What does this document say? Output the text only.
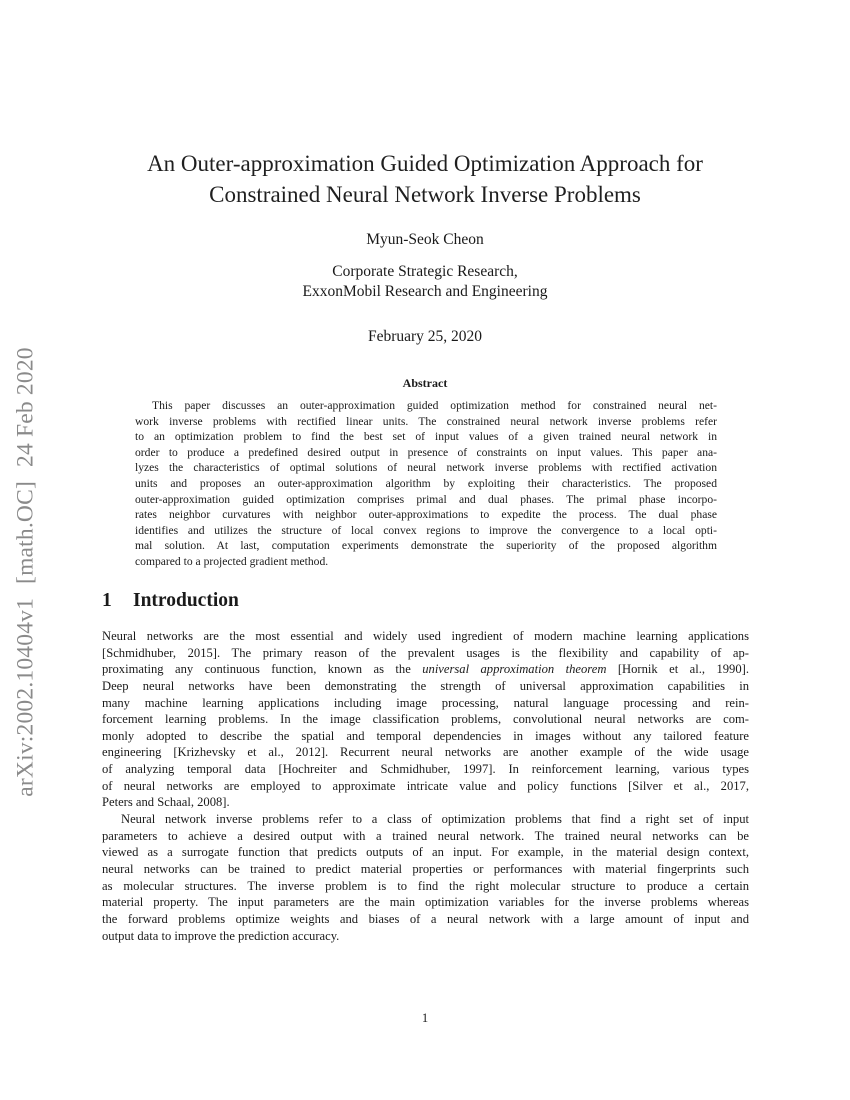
arXiv:2002.10404v1[math.OC]24 Feb 2020
An Outer-approximation Guided Optimization Approach for
Constrained Neural Network Inverse Problems
Myun-Seok Cheon
Corporate Strategic Research,
ExxonMobil Research and Engineering
February 25, 2020
Abstract
This paper discusses an outer-approximation guided optimization method for constrained neural net-
work inverse problems with rectified linear units. The constrained neural network inverse problems refer
to an optimization problem to find the best set of input values of a given trained neural network in
order to produce a predefined desired output in presence of constraints on input values. This paper ana-
lyzes the characteristics of optimal solutions of neural network inverse problems with rectified activation
units and proposes an outer-approximation algorithm by exploiting their characteristics. The proposed
outer-approximation guided optimization comprises primal and dual phases. The primal phase incorpo-
rates neighbor curvatures with neighbor outer-approximations to expedite the process. The dual phase
identifies and utilizes the structure of local convex regions to improve the convergence to a local opti-
mal solution. At last, computation experiments demonstrate the superiority of the proposed algorithm
compared to a projected gradient method.
1 Introduction
Neural networks are the most essential and widely used ingredient of modern machine learning applications
[Schmidhuber, 2015]. The primary reason of the prevalent usages is the flexibility and capability of ap-
proximating any continuous function, known as the universal approximation theorem [Hornik et al., 1990].
Deep neural networks have been demonstrating the strength of universal approximation capabilities in
many machine learning applications including image processing, natural language processing and rein-
forcement learning problems. In the image classification problems, convolutional neural networks are com-
monly adopted to describe the spatial and temporal dependencies in images without any tailored feature
engineering [Krizhevsky et al., 2012]. Recurrent neural networks are another example of the wide usage
of analyzing temporal data [Hochreiter and Schmidhuber, 1997]. In reinforcement learning, various types
of neural networks are employed to approximate intricate value and policy functions [Silver et al., 2017,
Peters and Schaal, 2008].
Neural network inverse problems refer to a class of optimization problems that find a right set of input
parameters to achieve a desired output with a trained neural network. The trained neural networks can be
viewed as a surrogate function that predicts outputs of an input. For example, in the material design context,
neural networks can be trained to predict material properties or performances with material fingerprints such
as molecular structures. The inverse problem is to find the right molecular structure to produce a certain
material property. The input parameters are the main optimization variables for the inverse problems whereas
the forward problems optimize weights and biases of a neural network with a large amount of input and
output data to improve the prediction accuracy.
1
